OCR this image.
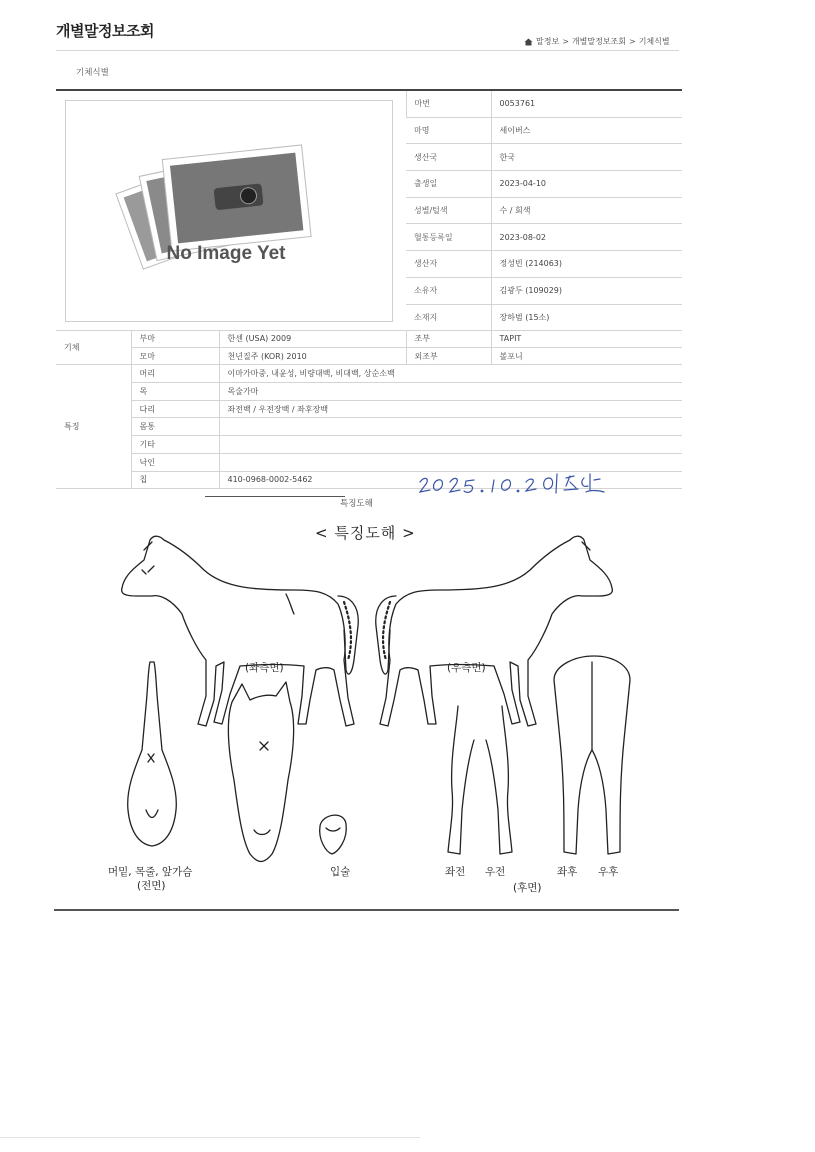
개별말정보조회
말정보 > 개별말정보조회 > 기체식별
기체식별
No Image Yet	마번	0053761
	마명	세이버스
	생산국	한국
	출생일	2023-04-10
	성별/털색	수 / 회색
	혈통등록일	2023-08-02
	생산자	정성빈 (214063)
	소유자	김광두 (109029)
	소재지	장하범 (15소)
기체	부마	한센 (USA) 2009	조부	TAPIT
	모마	천년질주 (KOR) 2010	외조부	볼포니
특징	머리	이마가마중, 내윤성, 비량대백, 비대백, 상순소백		
	목	목술가마		
	다리	좌전백 / 우전장백 / 좌후장백		
	몸통			
	기타			
	낙인			
	칩	410-0968-0002-5462		
특징도해
< 특징도해 >
(좌측면)	(우측면)
머밑, 목줄, 앞가슴
(전면)
입술	좌전 우전
(후면)
좌후 우후
